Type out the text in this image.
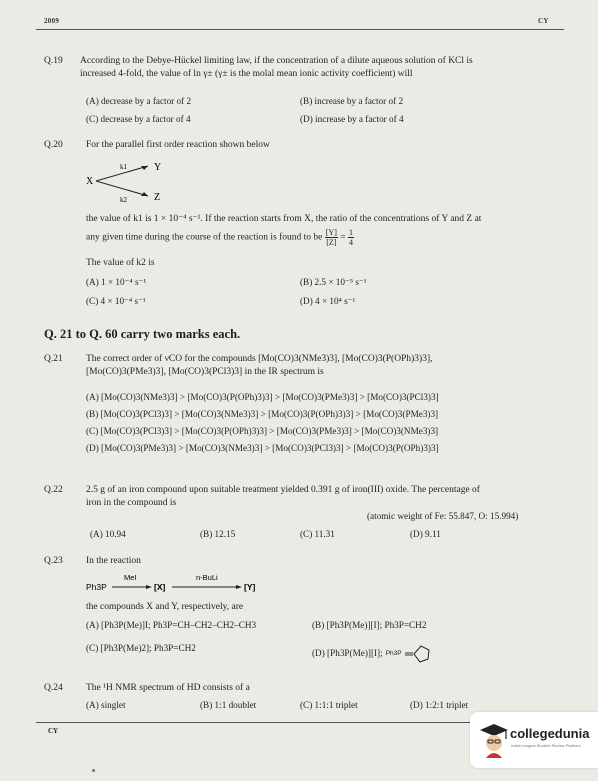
2009	CY
Q.19 According to the Debye-Hückel limiting law, if the concentration of a dilute aqueous solution of KCl is
increased 4-fold, the value of ln γ± (γ± is the molal mean ionic activity coefficient) will
(A) decrease by a factor of 2	(B) increase by a factor of 2
(C) decrease by a factor of 4	(D) increase by a factor of 4
Q.20 For the parallel first order reaction shown below
X
k1
k2
Y
Z
the value of k1 is 1 × 10⁻⁴ s⁻¹. If the reaction starts from X, the ratio of the concentrations of Y and Z at
any given time during the course of the reaction is found to be $\frac{[Y]}{[Z]} = \frac{1}{4}$
The value of k2 is
(A) 1 × 10⁻⁴ s⁻¹	(B) 2.5 × 10⁻⁵ s⁻¹
(C) 4 × 10⁻⁴ s⁻¹	(D) 4 × 10⁴ s⁻¹
Q. 21 to Q. 60 carry two marks each.
Q.21 The correct order of νCO for the compounds [Mo(CO)3(NMe3)3], [Mo(CO)3(P(OPh)3)3],
[Mo(CO)3(PMe3)3], [Mo(CO)3(PCl3)3] in the IR spectrum is
(A) [Mo(CO)3(NMe3)3] > [Mo(CO)3(P(OPh)3)3] > [Mo(CO)3(PMe3)3] > [Mo(CO)3(PCl3)3]
(B) [Mo(CO)3(PCl3)3] > [Mo(CO)3(NMe3)3] > [Mo(CO)3(P(OPh)3)3] > [Mo(CO)3(PMe3)3]
(C) [Mo(CO)3(PCl3)3] > [Mo(CO)3(P(OPh)3)3] > [Mo(CO)3(PMe3)3] > [Mo(CO)3(NMe3)3]
(D) [Mo(CO)3(PMe3)3] > [Mo(CO)3(NMe3)3] > [Mo(CO)3(PCl3)3] > [Mo(CO)3(P(OPh)3)3]
Q.22 2.5 g of an iron compound upon suitable treatment yielded 0.391 g of iron(III) oxide. The percentage of
iron in the compound is
(atomic weight of Fe: 55.847, O: 15.994)
(A) 10.94	(B) 12.15	(C) 11.31	(D) 9.11
Q.23 In the reaction
Ph3P
MeI
[X]
n-BuLi
[Y]
the compounds X and Y, respectively, are
(A) [Ph3P(Me)]I; Ph3P=CH–CH2–CH2–CH3	(B) [Ph3P(Me)][I]; Ph3P=CH2
(C) [Ph3P(Me)2]; Ph3P=CH2	(D) [Ph3P(Me)][I]; Ph3P
Q.24 The ¹H NMR spectrum of HD consists of a
(A) singlet	(B) 1:1 doublet	(C) 1:1:1 triplet	(D) 1:2:1 triplet
CY	collegedunia
India's largest Student Review Platform
